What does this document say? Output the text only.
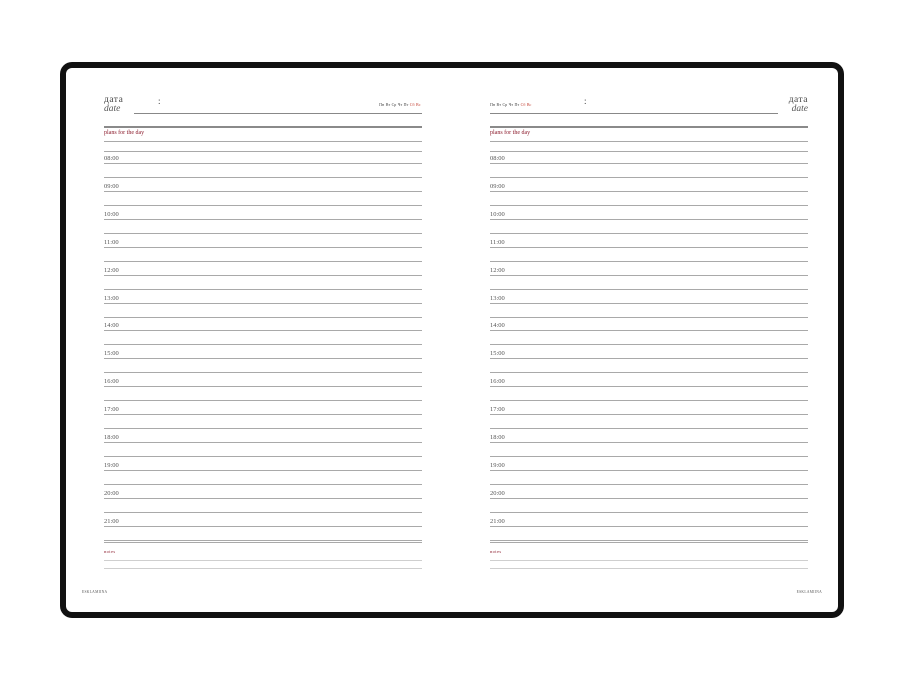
дата
date
:	Пн Вт Ср Чт Пт Сб Вс
plans for the day
notes
ESKLAMIINA
08:00
09:00
10:00
11:00
12:00
13:00
14:00
15:00
16:00
17:00
18:00
19:00
20:00
21:00
Пн Вт Ср Чт Пт Сб Вс	:	дата
date
plans for the day
notes
ESKLAMIINA
08:00
09:00
10:00
11:00
12:00
13:00
14:00
15:00
16:00
17:00
18:00
19:00
20:00
21:00
